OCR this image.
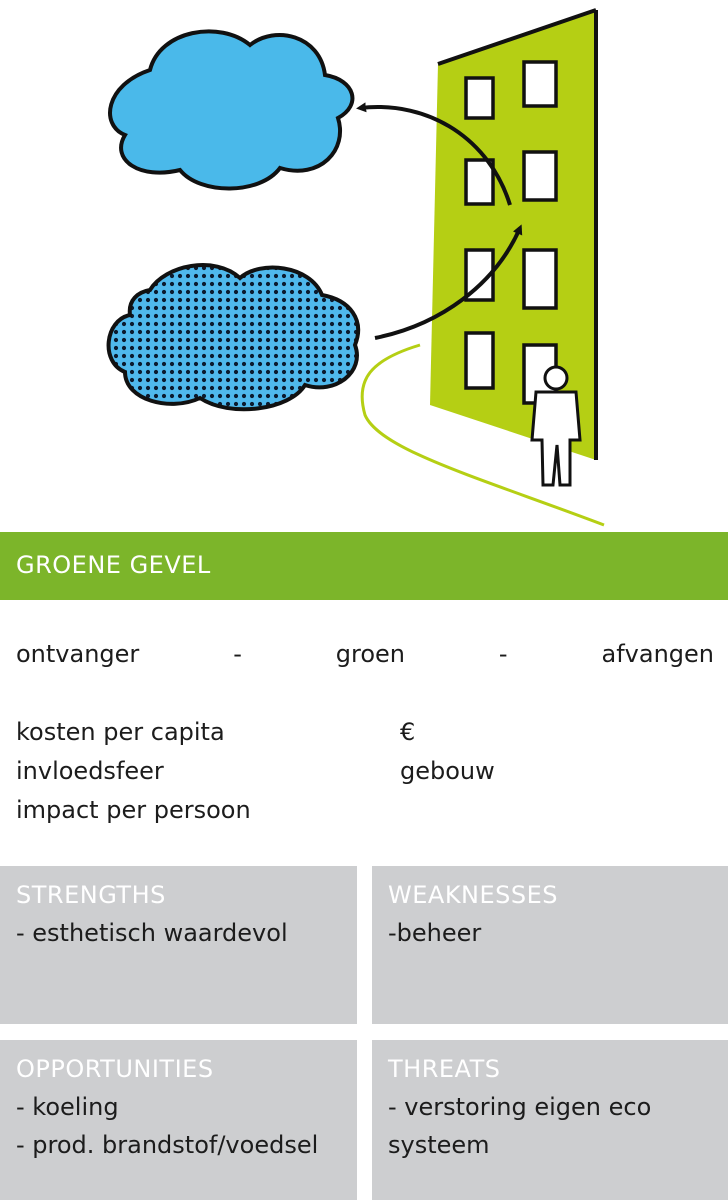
GROENE GEVEL
ontvanger	-	groen	-	afvangen
kosten per capita	€
invloedsfeer	gebouw
impact per persoon
STRENGTHS
- esthetisch waardevol
WEAKNESSES
-beheer
OPPORTUNITIES
- koeling
- prod. brandstof/voedsel
THREATS
- verstoring eigen eco
systeem
